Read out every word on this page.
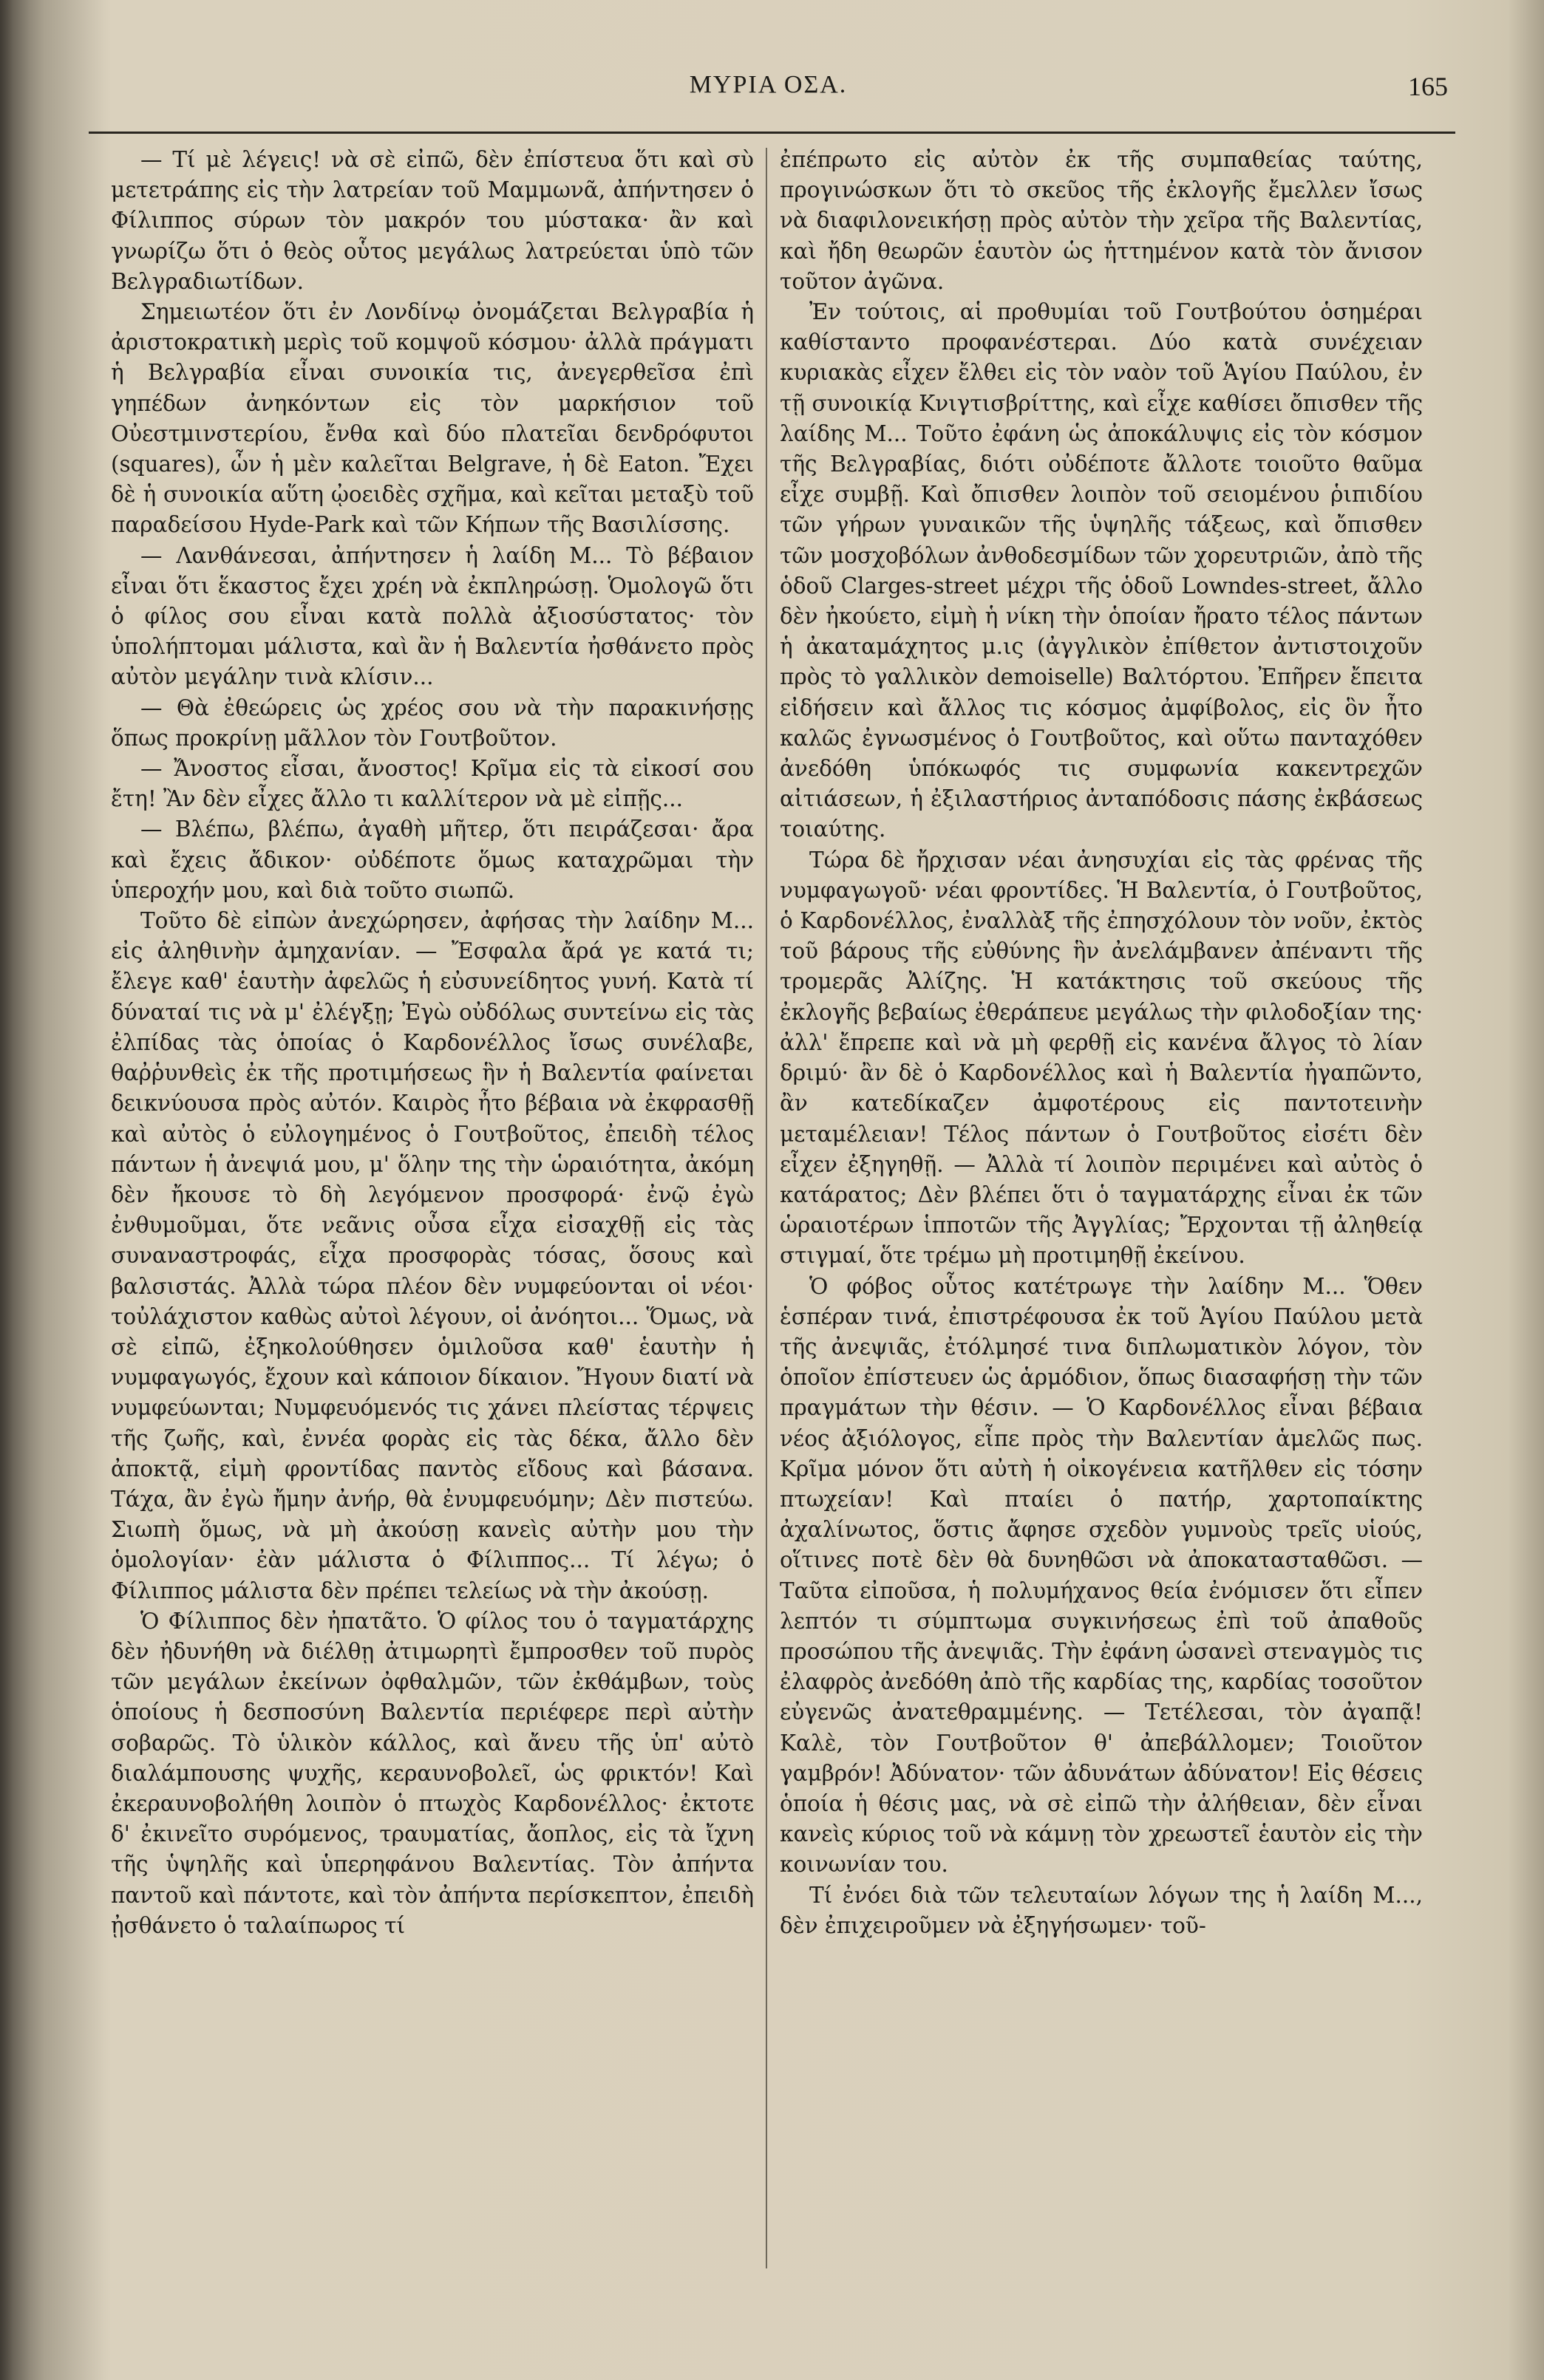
ΜΥΡΙΑ ΟΣΑ.	165

— Τί μὲ λέγεις! νὰ σὲ εἰπῶ, δὲν ἐπίστευα ὅτι καὶ σὺ μετετράπης εἰς τὴν λατρείαν τοῦ Μαμμωνᾶ, ἀπήντησεν ὁ Φίλιππος σύρων τὸν μακρόν του μύστακα· ἂν καὶ γνωρίζω ὅτι ὁ θεὸς οὗτος μεγάλως λατρεύεται ὑπὸ τῶν Βελγραδιωτίδων.

Σημειωτέον ὅτι ἐν Λονδίνῳ ὀνομάζεται Βελγραβία ἡ ἀριστοκρατικὴ μερὶς τοῦ κομψοῦ κόσμου· ἀλλὰ πράγματι ἡ Βελγραβία εἶναι συνοικία τις, ἀνεγερθεῖσα ἐπὶ γηπέδων ἀνηκόντων εἰς τὸν μαρκήσιον τοῦ Οὐεστμινστερίου, ἔνθα καὶ δύο πλατεῖαι δενδρόφυτοι (squares), ὧν ἡ μὲν καλεῖται Belgrave, ἡ δὲ Eaton. Ἔχει δὲ ἡ συνοικία αὕτη ᾠοειδὲς σχῆμα, καὶ κεῖται μεταξὺ τοῦ παραδείσου Hyde-Park καὶ τῶν Κήπων τῆς Βασιλίσσης.

— Λανθάνεσαι, ἀπήντησεν ἡ λαίδη Μ... Τὸ βέβαιον εἶναι ὅτι ἕκαστος ἔχει χρέη νὰ ἐκπληρώσῃ. Ὁμολογῶ ὅτι ὁ φίλος σου εἶναι κατὰ πολλὰ ἀξιοσύστατος· τὸν ὑπολήπτομαι μάλιστα, καὶ ἂν ἡ Βαλεντία ἠσθάνετο πρὸς αὐτὸν μεγάλην τινὰ κλίσιν...

— Θὰ ἐθεώρεις ὡς χρέος σου νὰ τὴν παρακινήσῃς ὅπως προκρίνῃ μᾶλλον τὸν Γουτβοῦτον.

— Ἄνοστος εἶσαι, ἄνοστος! Κρῖμα εἰς τὰ εἰκοσί σου ἔτη! Ἂν δὲν εἶχες ἄλλο τι καλλίτερον νὰ μὲ εἰπῇς...

— Βλέπω, βλέπω, ἀγαθὴ μῆτερ, ὅτι πειράζεσαι· ἄρα καὶ ἔχεις ἄδικον· οὐδέποτε ὅμως καταχρῶμαι τὴν ὑπεροχήν μου, καὶ διὰ τοῦτο σιωπῶ.

Τοῦτο δὲ εἰπὼν ἀνεχώρησεν, ἀφήσας τὴν λαίδην Μ... εἰς ἀληθινὴν ἀμηχανίαν. — Ἔσφαλα ἄρά γε κατά τι; ἔλεγε καθ' ἑαυτὴν ἀφελῶς ἡ εὐσυνείδητος γυνή. Κατὰ τί δύναταί τις νὰ μ' ἐλέγξῃ; Ἐγὼ οὐδόλως συντείνω εἰς τὰς ἐλπίδας τὰς ὁποίας ὁ Καρδονέλλος ἴσως συνέλαβε, θαῤῥυνθεὶς ἐκ τῆς προτιμήσεως ἣν ἡ Βαλεντία φαίνεται δεικνύουσα πρὸς αὐτόν. Καιρὸς ἦτο βέβαια νὰ ἐκφρασθῇ καὶ αὐτὸς ὁ εὐλογημένος ὁ Γουτβοῦτος, ἐπειδὴ τέλος πάντων ἡ ἀνεψιά μου, μ' ὅλην της τὴν ὡραιότητα, ἀκόμη δὲν ἤκουσε τὸ δὴ λεγόμενον προσφορά· ἐνῷ ἐγὼ ἐνθυμοῦμαι, ὅτε νεᾶνις οὖσα εἶχα εἰσαχθῇ εἰς τὰς συναναστροφάς, εἶχα προσφορὰς τόσας, ὅσους καὶ βαλσιστάς. Ἀλλὰ τώρα πλέον δὲν νυμφεύονται οἱ νέοι· τοὐλάχιστον καθὼς αὐτοὶ λέγουν, οἱ ἀνόητοι... Ὅμως, νὰ σὲ εἰπῶ, ἐξηκολούθησεν ὁμιλοῦσα καθ' ἑαυτὴν ἡ νυμφαγωγός, ἔχουν καὶ κάποιον δίκαιον. Ἤγουν διατί νὰ νυμφεύωνται; Νυμφευόμενός τις χάνει πλείστας τέρψεις τῆς ζωῆς, καὶ, ἐννέα φορὰς εἰς τὰς δέκα, ἄλλο δὲν ἀποκτᾷ, εἰμὴ φροντίδας παντὸς εἴδους καὶ βάσανα. Τάχα, ἂν ἐγὼ ἤμην ἀνήρ, θὰ ἐνυμφευόμην; Δὲν πιστεύω. Σιωπὴ ὅμως, νὰ μὴ ἀκούσῃ κανεὶς αὐτὴν μου τὴν ὁμολογίαν· ἐὰν μάλιστα ὁ Φίλιππος... Τί λέγω; ὁ Φίλιππος μάλιστα δὲν πρέπει τελείως νὰ τὴν ἀκούσῃ.

Ὁ Φίλιππος δὲν ἠπατᾶτο. Ὁ φίλος του ὁ ταγματάρχης δὲν ἠδυνήθη νὰ διέλθῃ ἀτιμωρητὶ ἔμπροσθεν τοῦ πυρὸς τῶν μεγάλων ἐκείνων ὀφθαλμῶν, τῶν ἐκθάμβων, τοὺς ὁποίους ἡ δεσποσύνη Βαλεντία περιέφερε περὶ αὐτὴν σοβαρῶς. Τὸ ὑλικὸν κάλλος, καὶ ἄνευ τῆς ὑπ' αὐτὸ διαλάμπουσης ψυχῆς, κεραυνοβολεῖ, ὡς φρικτόν! Καὶ ἐκεραυνοβολήθη λοιπὸν ὁ πτωχὸς Καρδονέλλος· ἐκτοτε δ' ἐκινεῖτο συρόμενος, τραυματίας, ἄοπλος, εἰς τὰ ἴχνη τῆς ὑψηλῆς καὶ ὑπερηφάνου Βαλεντίας. Τὸν ἀπήντα παντοῦ καὶ πάντοτε, καὶ τὸν ἀπήντα περίσκεπτον, ἐπειδὴ ᾐσθάνετο ὁ ταλαίπωρος τί

ἐπέπρωτο εἰς αὐτὸν ἐκ τῆς συμπαθείας ταύτης, προγινώσκων ὅτι τὸ σκεῦος τῆς ἐκλογῆς ἔμελλεν ἴσως νὰ διαφιλονεικήσῃ πρὸς αὐτὸν τὴν χεῖρα τῆς Βαλεντίας, καὶ ἤδη θεωρῶν ἑαυτὸν ὡς ἡττημένον κατὰ τὸν ἄνισον τοῦτον ἀγῶνα.

Ἐν τούτοις, αἱ προθυμίαι τοῦ Γουτβούτου ὁσημέραι καθίσταντο προφανέστεραι. Δύο κατὰ συνέχειαν κυριακὰς εἶχεν ἔλθει εἰς τὸν ναὸν τοῦ Ἁγίου Παύλου, ἐν τῇ συνοικίᾳ Κνιγτισβρίττης, καὶ εἶχε καθίσει ὄπισθεν τῆς λαίδης Μ... Τοῦτο ἐφάνη ὡς ἀποκάλυψις εἰς τὸν κόσμον τῆς Βελγραβίας, διότι οὐδέποτε ἄλλοτε τοιοῦτο θαῦμα εἶχε συμβῇ. Καὶ ὄπισθεν λοιπὸν τοῦ σειομένου ῥιπιδίου τῶν γήρων γυναικῶν τῆς ὑψηλῆς τάξεως, καὶ ὄπισθεν τῶν μοσχοβόλων ἀνθοδεσμίδων τῶν χορευτριῶν, ἀπὸ τῆς ὁδοῦ Clarges-street μέχρι τῆς ὁδοῦ Lowndes-street, ἄλλο δὲν ἠκούετο, εἰμὴ ἡ νίκη τὴν ὁποίαν ἤρατο τέλος πάντων ἡ ἀκαταμάχητος μ.ις (ἀγγλικὸν ἐπίθετον ἀντιστοιχοῦν πρὸς τὸ γαλλικὸν demoiselle) Βαλτόρτου. Ἐπῆρεν ἔπειτα εἰδήσειν καὶ ἄλλος τις κόσμος ἀμφίβολος, εἰς ὃν ἦτο καλῶς ἐγνωσμένος ὁ Γουτβοῦτος, καὶ οὕτω πανταχόθεν ἀνεδόθη ὑπόκωφός τις συμφωνία κακεντρεχῶν αἰτιάσεων, ἡ ἐξιλαστήριος ἀνταπόδοσις πάσης ἐκβάσεως τοιαύτης.

Τώρα δὲ ἤρχισαν νέαι ἀνησυχίαι εἰς τὰς φρένας τῆς νυμφαγωγοῦ· νέαι φροντίδες. Ἡ Βαλεντία, ὁ Γουτβοῦτος, ὁ Καρδονέλλος, ἐναλλὰξ τῆς ἐπησχόλουν τὸν νοῦν, ἐκτὸς τοῦ βάρους τῆς εὐθύνης ἣν ἀνελάμβανεν ἀπέναντι τῆς τρομερᾶς Ἀλίζης. Ἡ κατάκτησις τοῦ σκεύους τῆς ἐκλογῆς βεβαίως ἐθεράπευε μεγάλως τὴν φιλοδοξίαν της· ἀλλ' ἔπρεπε καὶ νὰ μὴ φερθῇ εἰς κανένα ἄλγος τὸ λίαν δριμύ· ἂν δὲ ὁ Καρδονέλλος καὶ ἡ Βαλεντία ἠγαπῶντο, ἂν κατεδίκαζεν ἀμφοτέρους εἰς παντοτεινὴν μεταμέλειαν! Τέλος πάντων ὁ Γουτβοῦτος εἰσέτι δὲν εἶχεν ἐξηγηθῇ. — Ἀλλὰ τί λοιπὸν περιμένει καὶ αὐτὸς ὁ κατάρατος; Δὲν βλέπει ὅτι ὁ ταγματάρχης εἶναι ἐκ τῶν ὡραιοτέρων ἱπποτῶν τῆς Ἀγγλίας; Ἔρχονται τῇ ἀληθείᾳ στιγμαί, ὅτε τρέμω μὴ προτιμηθῇ ἐκείνου.

Ὁ φόβος οὗτος κατέτρωγε τὴν λαίδην Μ... Ὅθεν ἑσπέραν τινά, ἐπιστρέφουσα ἐκ τοῦ Ἁγίου Παύλου μετὰ τῆς ἀνεψιᾶς, ἐτόλμησέ τινα διπλωματικὸν λόγον, τὸν ὁποῖον ἐπίστευεν ὡς ἁρμόδιον, ὅπως διασαφήσῃ τὴν τῶν πραγμάτων τὴν θέσιν. — Ὁ Καρδονέλλος εἶναι βέβαια νέος ἀξιόλογος, εἶπε πρὸς τὴν Βαλεντίαν ἁμελῶς πως. Κρῖμα μόνον ὅτι αὐτὴ ἡ οἰκογένεια κατῆλθεν εἰς τόσην πτωχείαν! Καὶ πταίει ὁ πατήρ, χαρτοπαίκτης ἀχαλίνωτος, ὅστις ἄφησε σχεδὸν γυμνοὺς τρεῖς υἱούς, οἵτινες ποτὲ δὲν θὰ δυνηθῶσι νὰ ἀποκατασταθῶσι. — Ταῦτα εἰποῦσα, ἡ πολυμήχανος θεία ἐνόμισεν ὅτι εἶπεν λεπτόν τι σύμπτωμα συγκινήσεως ἐπὶ τοῦ ἀπαθοῦς προσώπου τῆς ἀνεψιᾶς. Τὴν ἐφάνη ὡσανεὶ στεναγμὸς τις ἐλαφρὸς ἀνεδόθη ἀπὸ τῆς καρδίας της, καρδίας τοσοῦτον εὐγενῶς ἀνατεθραμμένης. — Τετέλεσαι, τὸν ἀγαπᾷ! Καλὲ, τὸν Γουτβοῦτον θ' ἀπεβάλλομεν; Τοιοῦτον γαμβρόν! Ἀδύνατον· τῶν ἀδυνάτων ἀδύνατον! Εἰς θέσεις ὁποία ἡ θέσις μας, νὰ σὲ εἰπῶ τὴν ἀλήθειαν, δὲν εἶναι κανεὶς κύριος τοῦ νὰ κάμνῃ τὸν χρεωστεῖ ἑαυτὸν εἰς τὴν κοινωνίαν του.

Τί ἐνόει διὰ τῶν τελευταίων λόγων της ἡ λαίδη Μ..., δὲν ἐπιχειροῦμεν νὰ ἐξηγήσωμεν· τοῦ-
